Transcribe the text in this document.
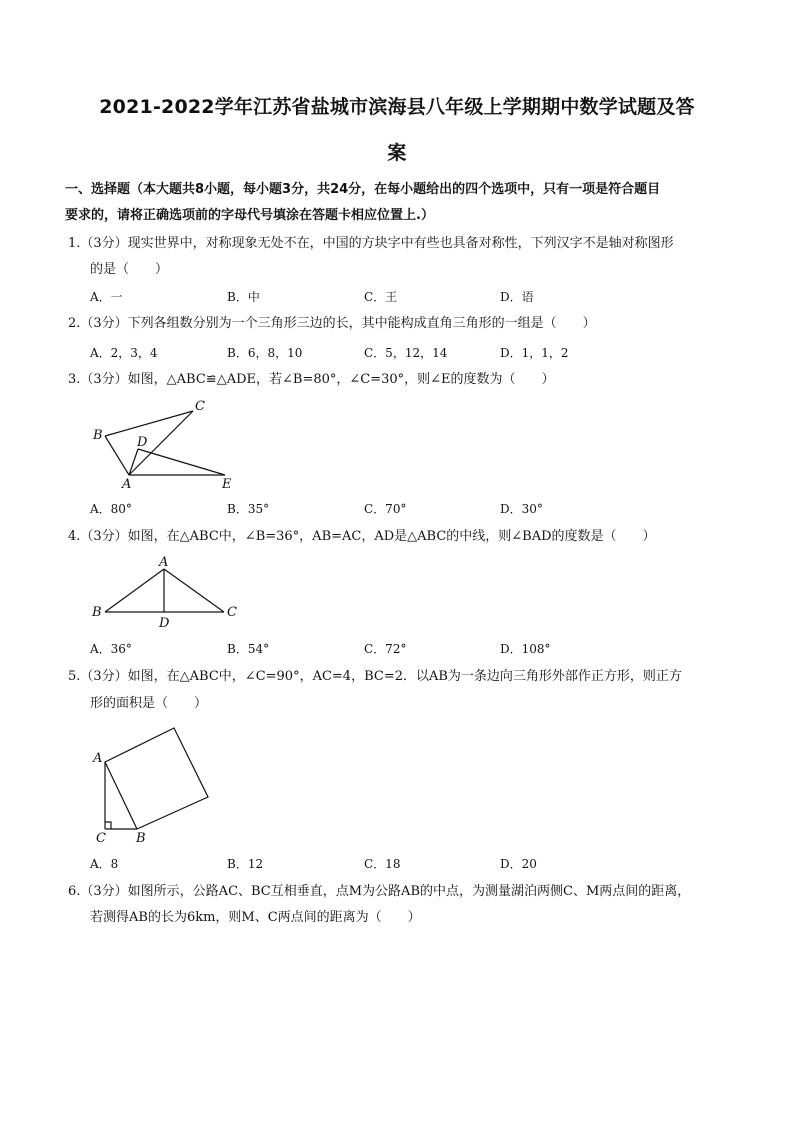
2021-2022学年江苏省盐城市滨海县八年级上学期期中数学试题及答
案
一、选择题（本大题共8小题，每小题3分，共24分，在每小题给出的四个选项中，只有一项是符合题目
要求的，请将正确选项前的字母代号填涂在答题卡相应位置上.）
1.（3分）现实世界中，对称现象无处不在，中国的方块字中有些也具备对称性，下列汉字不是轴对称图形
的是（　　）
A．一	B．中	C．王	D．语
2.（3分）下列各组数分别为一个三角形三边的长，其中能构成直角三角形的一组是（　　）
A．2，3，4	B．6，8，10	C．5，12，14	D．1，1，2
3.（3分）如图，△ABC≌△ADE，若∠B=80°，∠C=30°，则∠E的度数为（　　）
B
C
D
A	E
A．80°	B．35°	C．70°	D．30°
4.（3分）如图，在△ABC中，∠B=36°，AB=AC，AD是△ABC的中线，则∠BAD的度数是（　　）
A
B	C
D
A．36°	B．54°	C．72°	D．108°
5.（3分）如图，在△ABC中，∠C=90°，AC=4，BC=2．以AB为一条边向三角形外部作正方形，则正方
形的面积是（　　）
A
C B
A．8	B．12	C．18	D．20
6.（3分）如图所示，公路AC、BC互相垂直，点M为公路AB的中点，为测量湖泊两侧C、M两点间的距离，
若测得AB的长为6km，则M、C两点间的距离为（　　）
